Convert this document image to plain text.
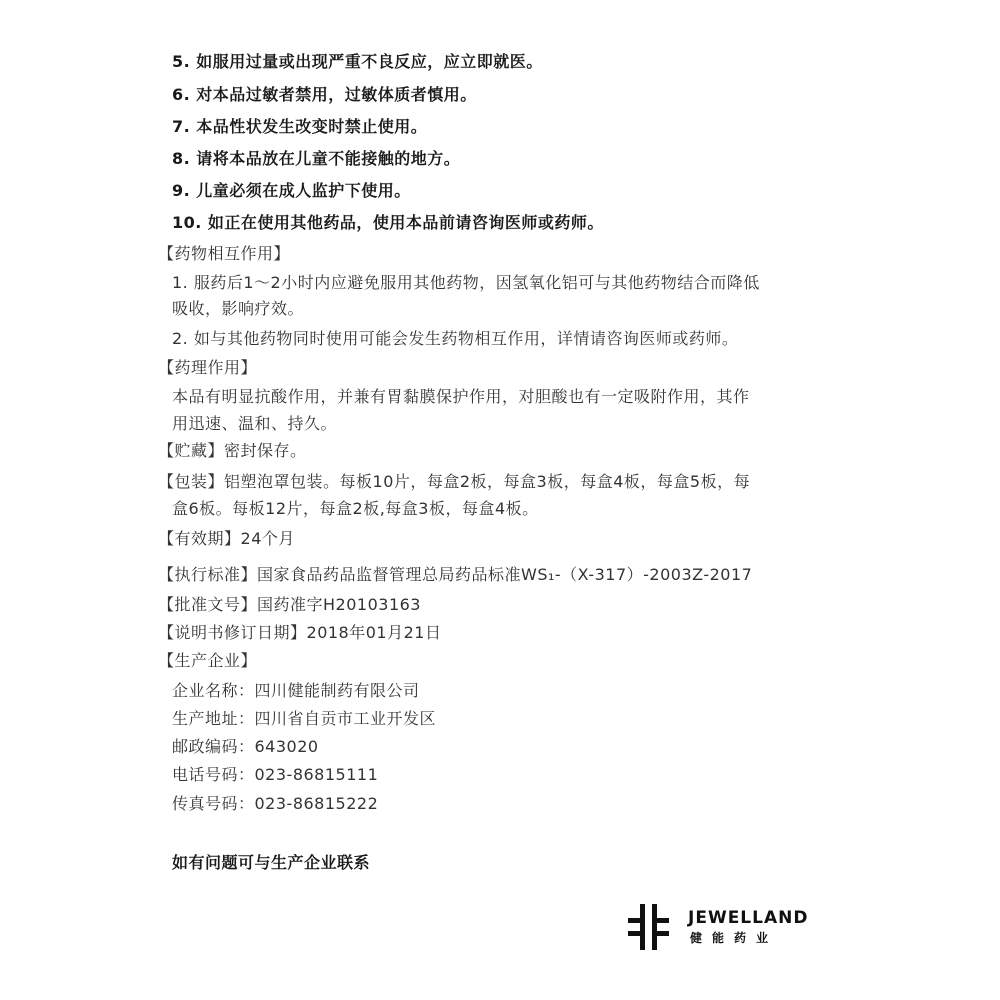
5. 如服用过量或出现严重不良反应，应立即就医。
6. 对本品过敏者禁用，过敏体质者慎用。
7. 本品性状发生改变时禁止使用。
8. 请将本品放在儿童不能接触的地方。
9. 儿童必须在成人监护下使用。
10. 如正在使用其他药品，使用本品前请咨询医师或药师。
【药物相互作用】
1. 服药后1～2小时内应避免服用其他药物，因氢氧化铝可与其他药物结合而降低
吸收，影响疗效。
2. 如与其他药物同时使用可能会发生药物相互作用，详情请咨询医师或药师。
【药理作用】
本品有明显抗酸作用，并兼有胃黏膜保护作用，对胆酸也有一定吸附作用，其作
用迅速、温和、持久。
【贮藏】密封保存。
【包装】铝塑泡罩包装。每板10片，每盒2板，每盒3板，每盒4板，每盒5板，每
盒6板。每板12片，每盒2板,每盒3板，每盒4板。
【有效期】24个月
【执行标准】国家食品药品监督管理总局药品标准WS₁-（X-317）-2003Z-2017
【批准文号】国药准字H20103163
【说明书修订日期】2018年01月21日
【生产企业】
企业名称：四川健能制药有限公司
生产地址：四川省自贡市工业开发区
邮政编码：643020
电话号码：023-86815111
传真号码：023-86815222
如有问题可与生产企业联系
JEWELLAND
健能药业
